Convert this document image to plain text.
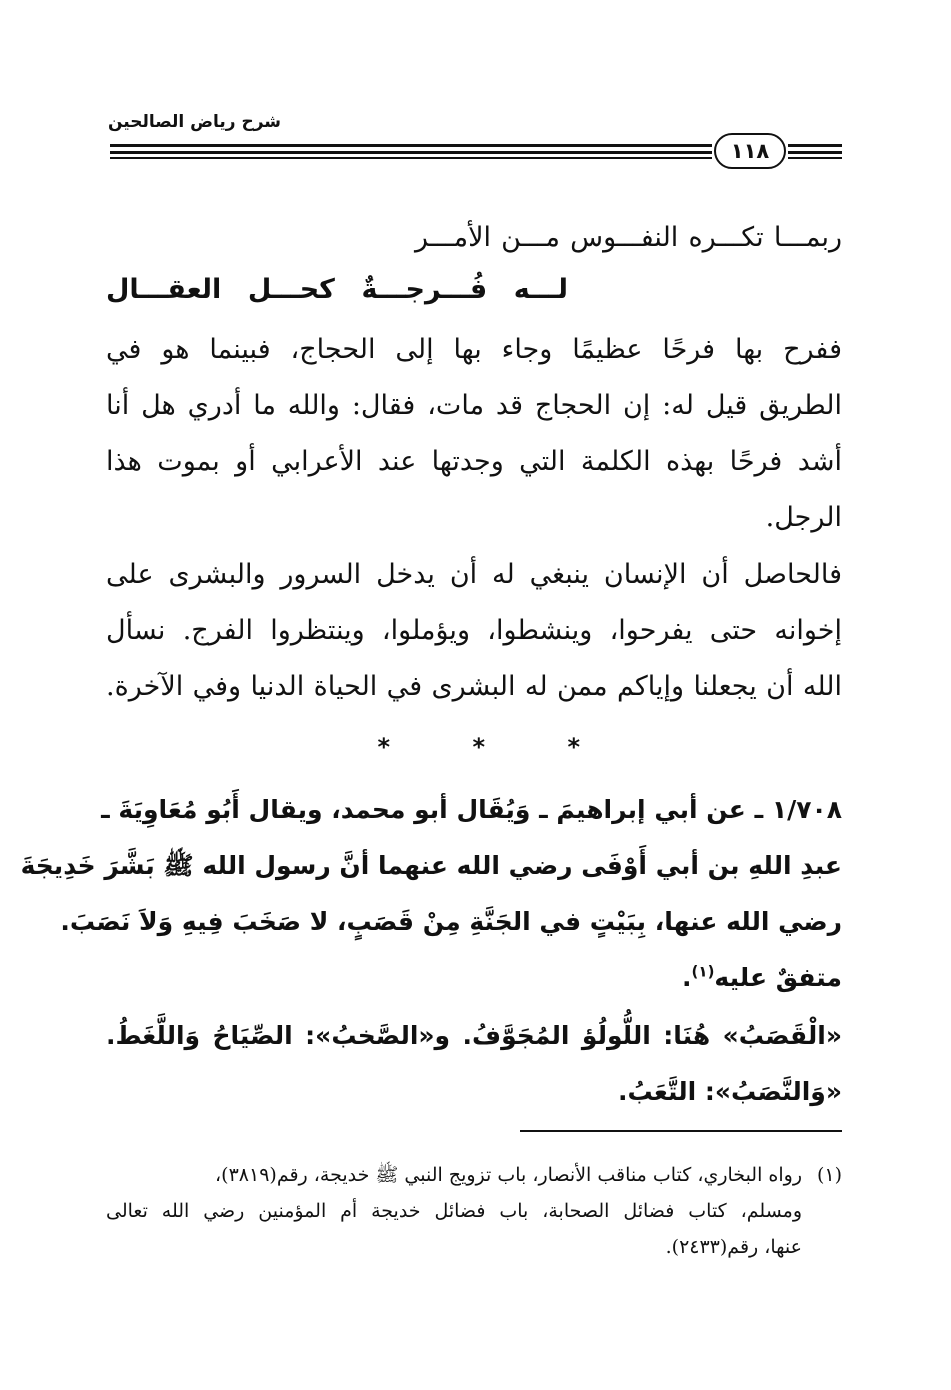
شرح رياض الصالحين
١١٨
ربمـــا تكـــره النفـــوس مـــن الأمـــر
لـــه فُـــرجـــةٌ كحـــل العقـــال
ففرح بها فرحًا عظيمًا وجاء بها إلى الحجاج، فبينما هو في
الطريق قيل له: إن الحجاج قد مات، فقال: والله ما أدري هل أنا
أشد فرحًا بهذه الكلمة التي وجدتها عند الأعرابي أو بموت هذا
الرجل.
فالحاصل أن الإنسان ينبغي له أن يدخل السرور والبشرى على
إخوانه حتى يفرحوا، وينشطوا، ويؤملوا، وينتظروا الفرج. نسأل
الله أن يجعلنا وإياكم ممن له البشرى في الحياة الدنيا وفي الآخرة.
*
*
*
١/٧٠٨ ـ عن أبي إبراهيمَ ـ وَيُقَال أبو محمد، ويقال أَبُو مُعَاوِيَةَ ـ
عبدِ اللهِ بن أبي أَوْفَى رضي الله عنهما أنَّ رسول الله ﷺ بَشَّرَ خَدِيجَةَ
رضي الله عنها، بِبَيْتٍ في الجَنَّةِ مِنْ قَصَبٍ، لا صَخَبَ فِيهِ وَلاَ نَصَبَ.
متفقٌ عليه$^{(١)}$.
«الْقَصَبُ» هُنَا: اللُّولُؤ المُجَوَّفُ. و«الصَّخبُ»: الصِّيَاحُ وَاللَّغَطُ.
«وَالنَّصَبُ»: التَّعَبُ.
(١)رواه البخاري، كتاب مناقب الأنصار، باب تزويج النبي ﷺ خديجة، رقم(٣٨١٩)،
ومسلم، كتاب فضائل الصحابة، باب فضائل خديجة أم المؤمنين رضي الله تعالى
عنها، رقم(٢٤٣٣).
